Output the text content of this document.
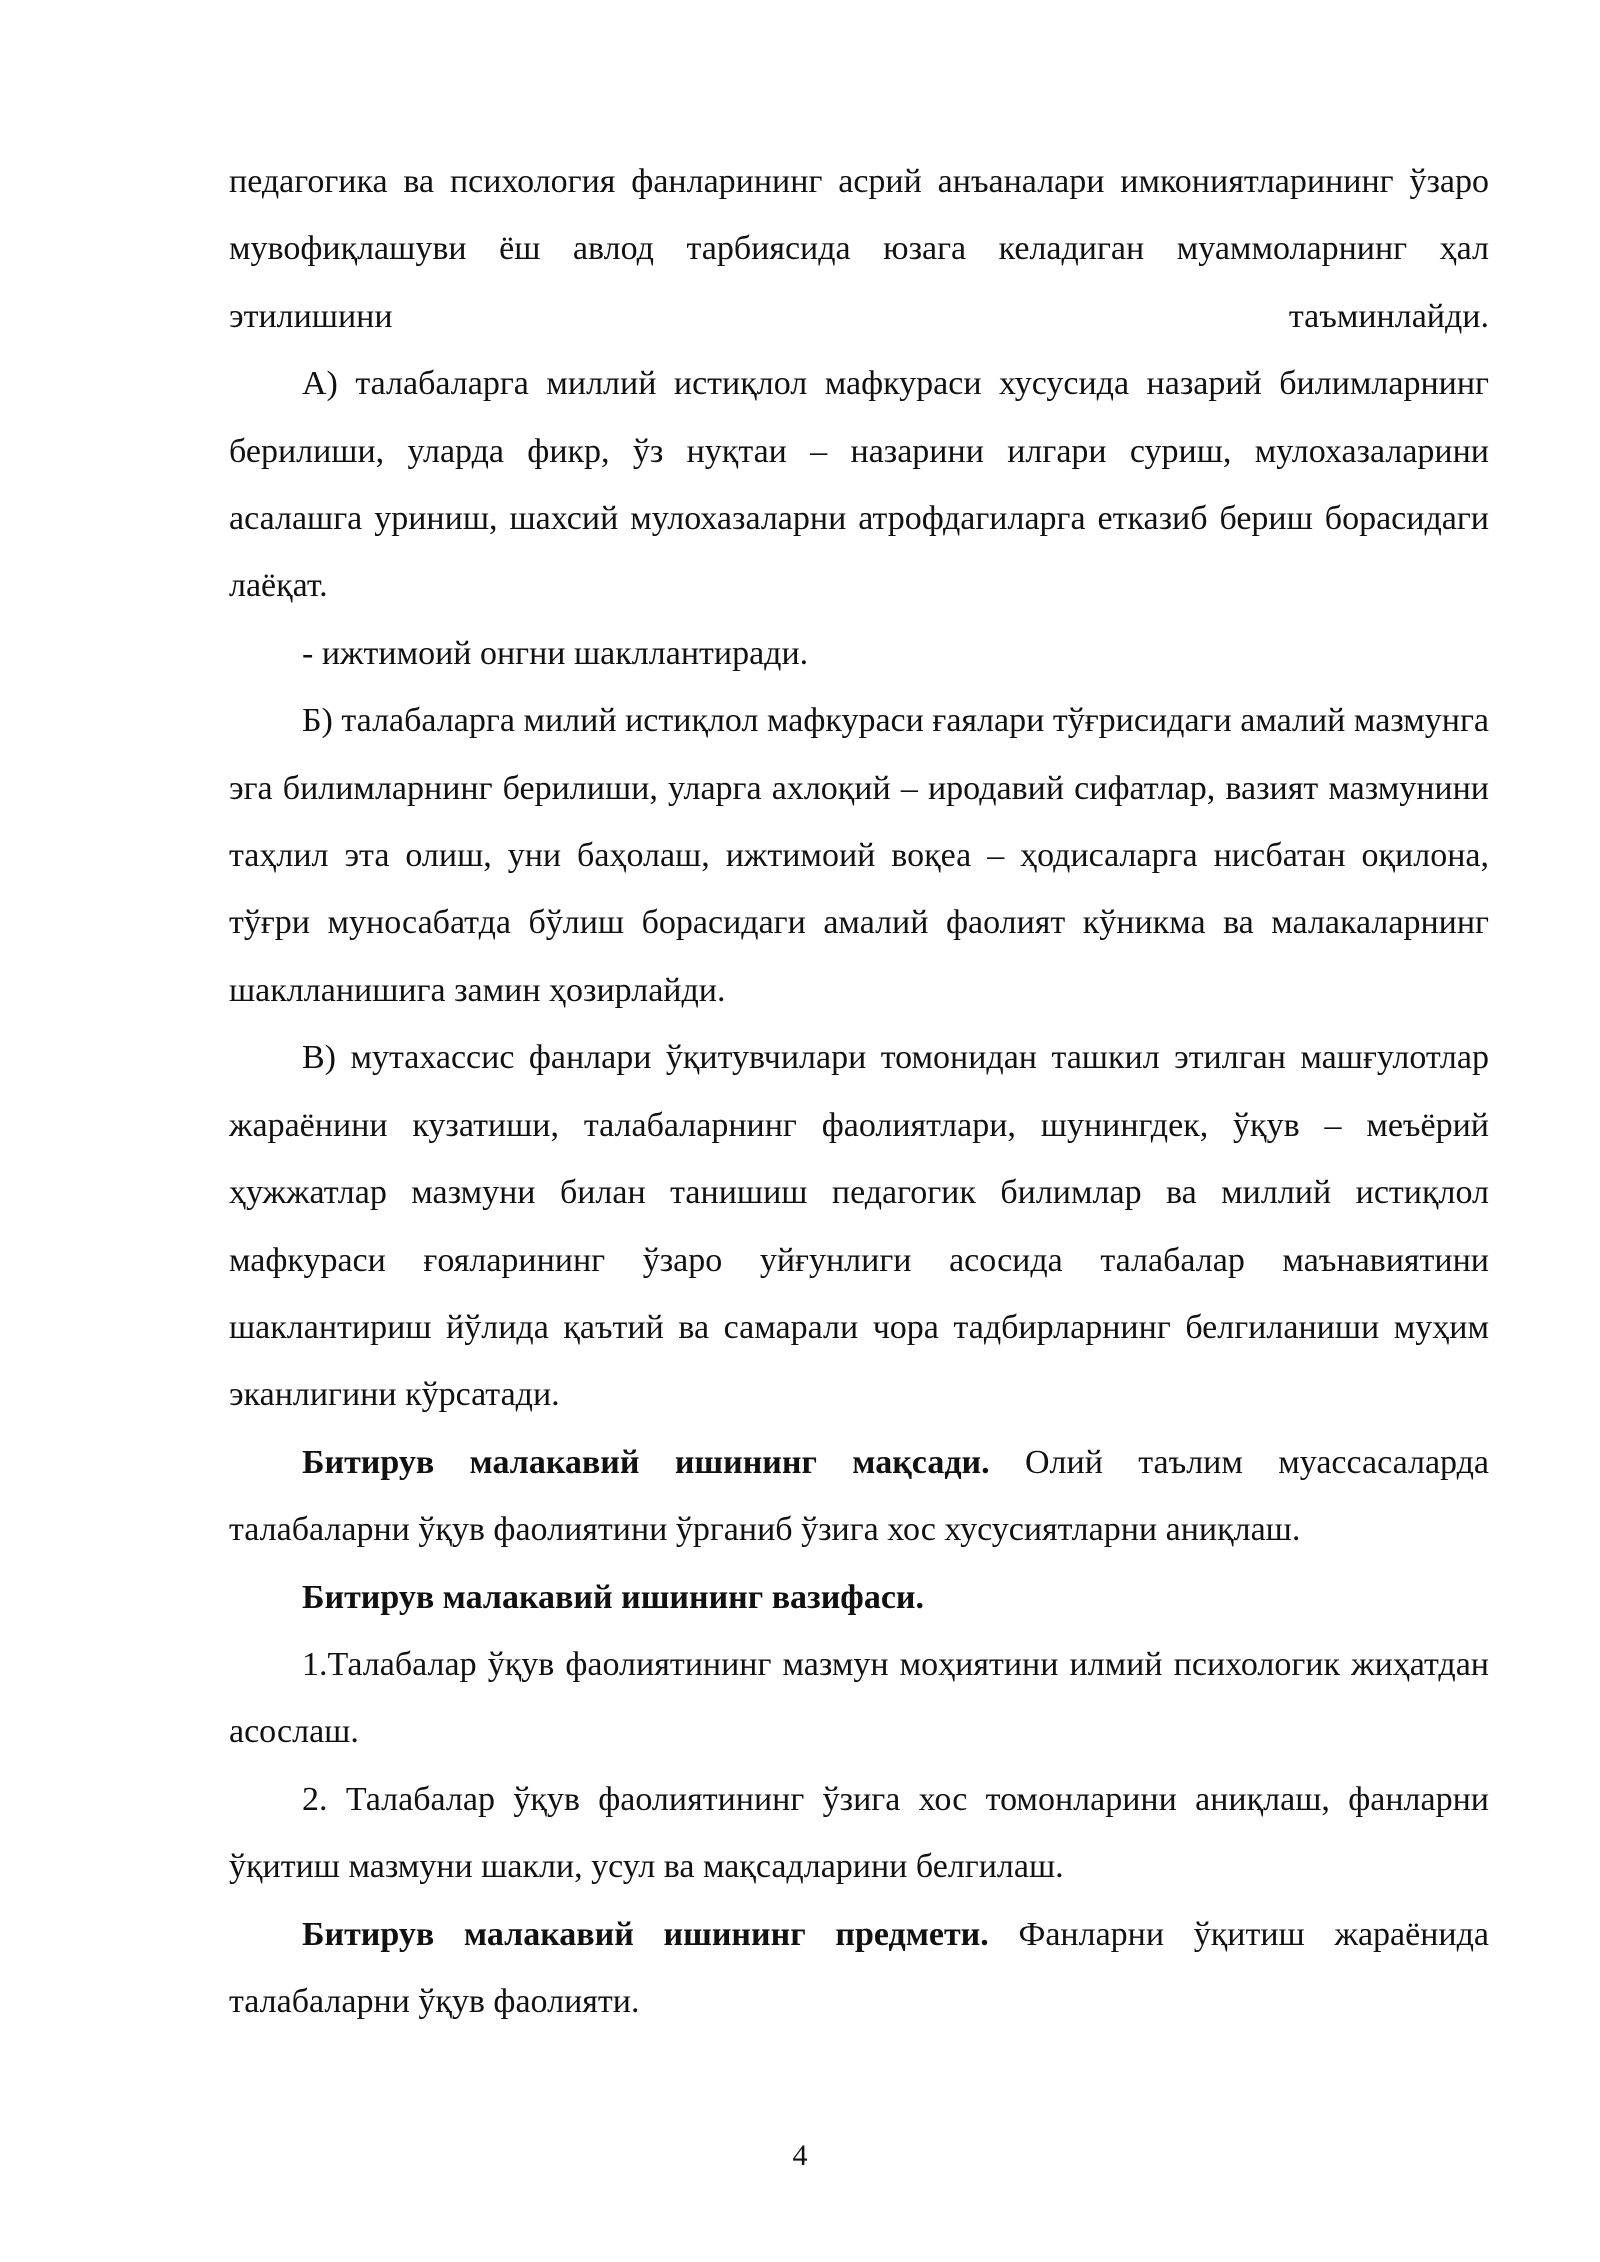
педагогика ва психология фанларининг асрий анъаналари имкониятларининг ўзаро мувофиқлашуви ёш авлод тарбиясида юзага келадиган муаммоларнинг ҳал этилишини таъминлайди.

А) талабаларга миллий истиқлол мафкураси хусусида назарий билимларнинг берилиши, уларда фикр, ўз нуқтаи – назарини илгари суриш, мулохазаларини асалашга уриниш, шахсий мулохазаларни атрофдагиларга етказиб бериш борасидаги лаёқат.

- ижтимоий онгни шакллантиради.

Б) талабаларга милий истиқлол мафкураси ғаялари тўғрисидаги амалий мазмунга эга билимларнинг берилиши, уларга ахлоқий – иродавий сифатлар, вазият мазмунини таҳлил эта олиш, уни баҳолаш, ижтимоий воқеа – ҳодисаларга нисбатан оқилона, тўғри муносабатда бўлиш борасидаги амалий фаолият кўникма ва малакаларнинг шаклланишига замин ҳозирлайди.

В) мутахассис фанлари ўқитувчилари томонидан ташкил этилган машғулотлар жараёнини кузатиши, талабаларнинг фаолиятлари, шунингдек, ўқув – меъёрий ҳужжатлар мазмуни билан танишиш педагогик билимлар ва миллий истиқлол мафкураси ғояларининг ўзаро уйғунлиги асосида талабалар маънавиятини шаклантириш йўлида қаътий ва самарали чора тадбирларнинг белгиланиши муҳим эканлигини кўрсатади.

Битирув малакавий ишининг мақсади. Олий таълим муассасаларда талабаларни ўқув фаолиятини ўрганиб ўзига хос хусусиятларни аниқлаш.

Битирув малакавий ишининг вазифаси.

1.Талабалар ўқув фаолиятининг мазмун моҳиятини илмий психологик жиҳатдан асослаш.

2. Талабалар ўқув фаолиятининг ўзига хос томонларини аниқлаш, фанларни ўқитиш мазмуни шакли, усул ва мақсадларини белгилаш.

Битирув малакавий ишининг предмети. Фанларни ўқитиш жараёнида талабаларни ўқув фаолияти.

4
